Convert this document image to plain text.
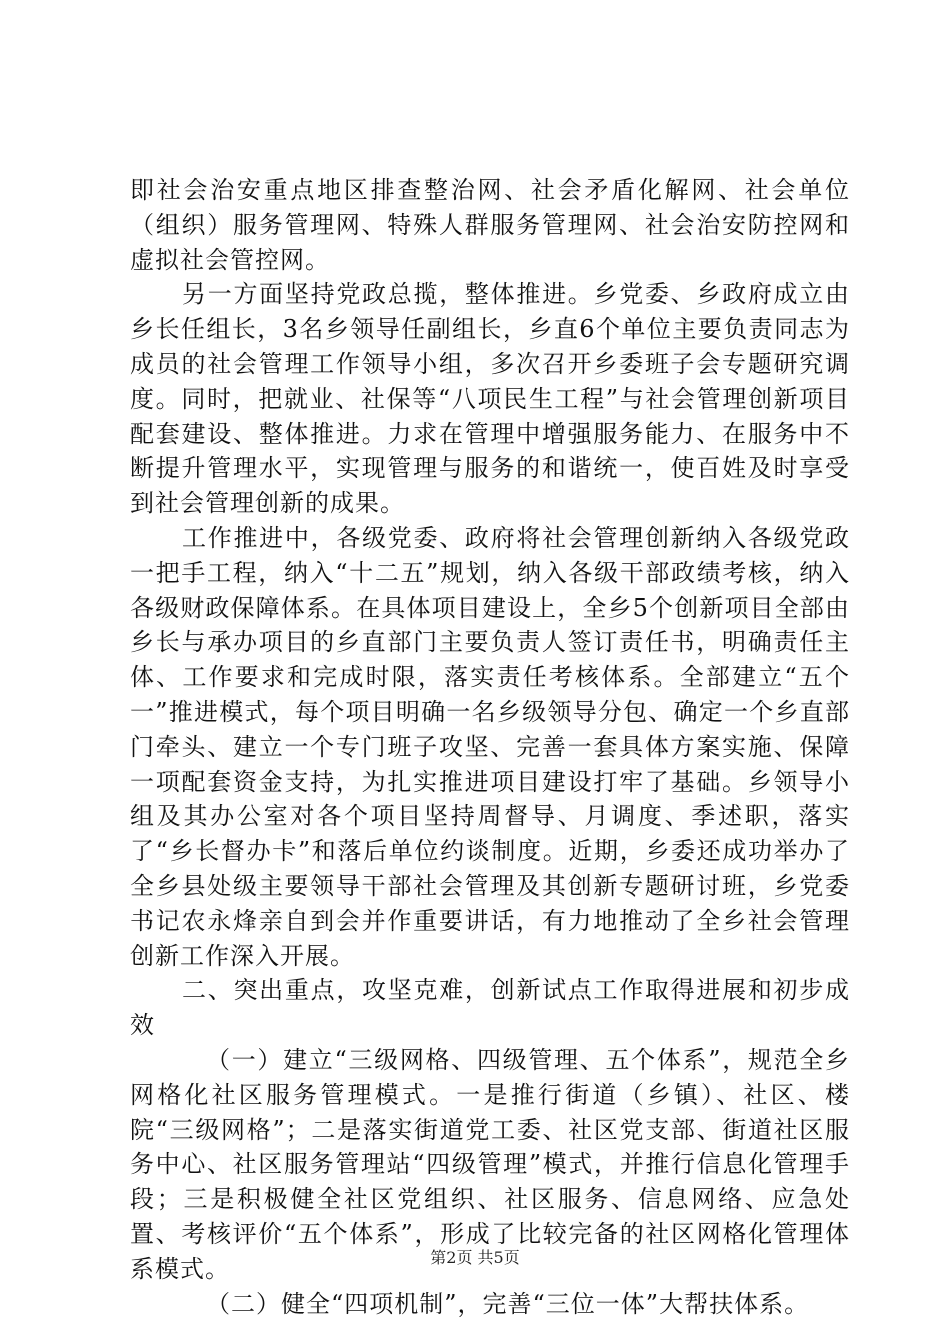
即社会治安重点地区排查整治网、社会矛盾化解网、社会单位（组织）服务管理网、特殊人群服务管理网、社会治安防控网和虚拟社会管控网。

另一方面坚持党政总揽，整体推进。乡党委、乡政府成立由乡长任组长，3名乡领导任副组长，乡直6个单位主要负责同志为成员的社会管理工作领导小组，多次召开乡委班子会专题研究调度。同时，把就业、社保等“八项民生工程”与社会管理创新项目配套建设、整体推进。力求在管理中增强服务能力、在服务中不断提升管理水平，实现管理与服务的和谐统一，使百姓及时享受到社会管理创新的成果。

工作推进中，各级党委、政府将社会管理创新纳入各级党政一把手工程，纳入“十二五”规划，纳入各级干部政绩考核，纳入各级财政保障体系。在具体项目建设上，全乡5个创新项目全部由乡长与承办项目的乡直部门主要负责人签订责任书，明确责任主体、工作要求和完成时限，落实责任考核体系。全部建立“五个一”推进模式，每个项目明确一名乡级领导分包、确定一个乡直部门牵头、建立一个专门班子攻坚、完善一套具体方案实施、保障一项配套资金支持，为扎实推进项目建设打牢了基础。乡领导小组及其办公室对各个项目坚持周督导、月调度、季述职，落实了“乡长督办卡”和落后单位约谈制度。近期，乡委还成功举办了全乡县处级主要领导干部社会管理及其创新专题研讨班，乡党委书记农永烽亲自到会并作重要讲话，有力地推动了全乡社会管理创新工作深入开展。

二、突出重点，攻坚克难，创新试点工作取得进展和初步成效

（一）建立“三级网格、四级管理、五个体系”，规范全乡网格化社区服务管理模式。一是推行街道（乡镇）、社区、楼院“三级网格”；二是落实街道党工委、社区党支部、街道社区服务中心、社区服务管理站“四级管理”模式，并推行信息化管理手段；三是积极健全社区党组织、社区服务、信息网络、应急处置、考核评价“五个体系”，形成了比较完备的社区网格化管理体系模式。

（二）健全“四项机制”，完善“三位一体”大帮扶体系。

第2页 共5页
